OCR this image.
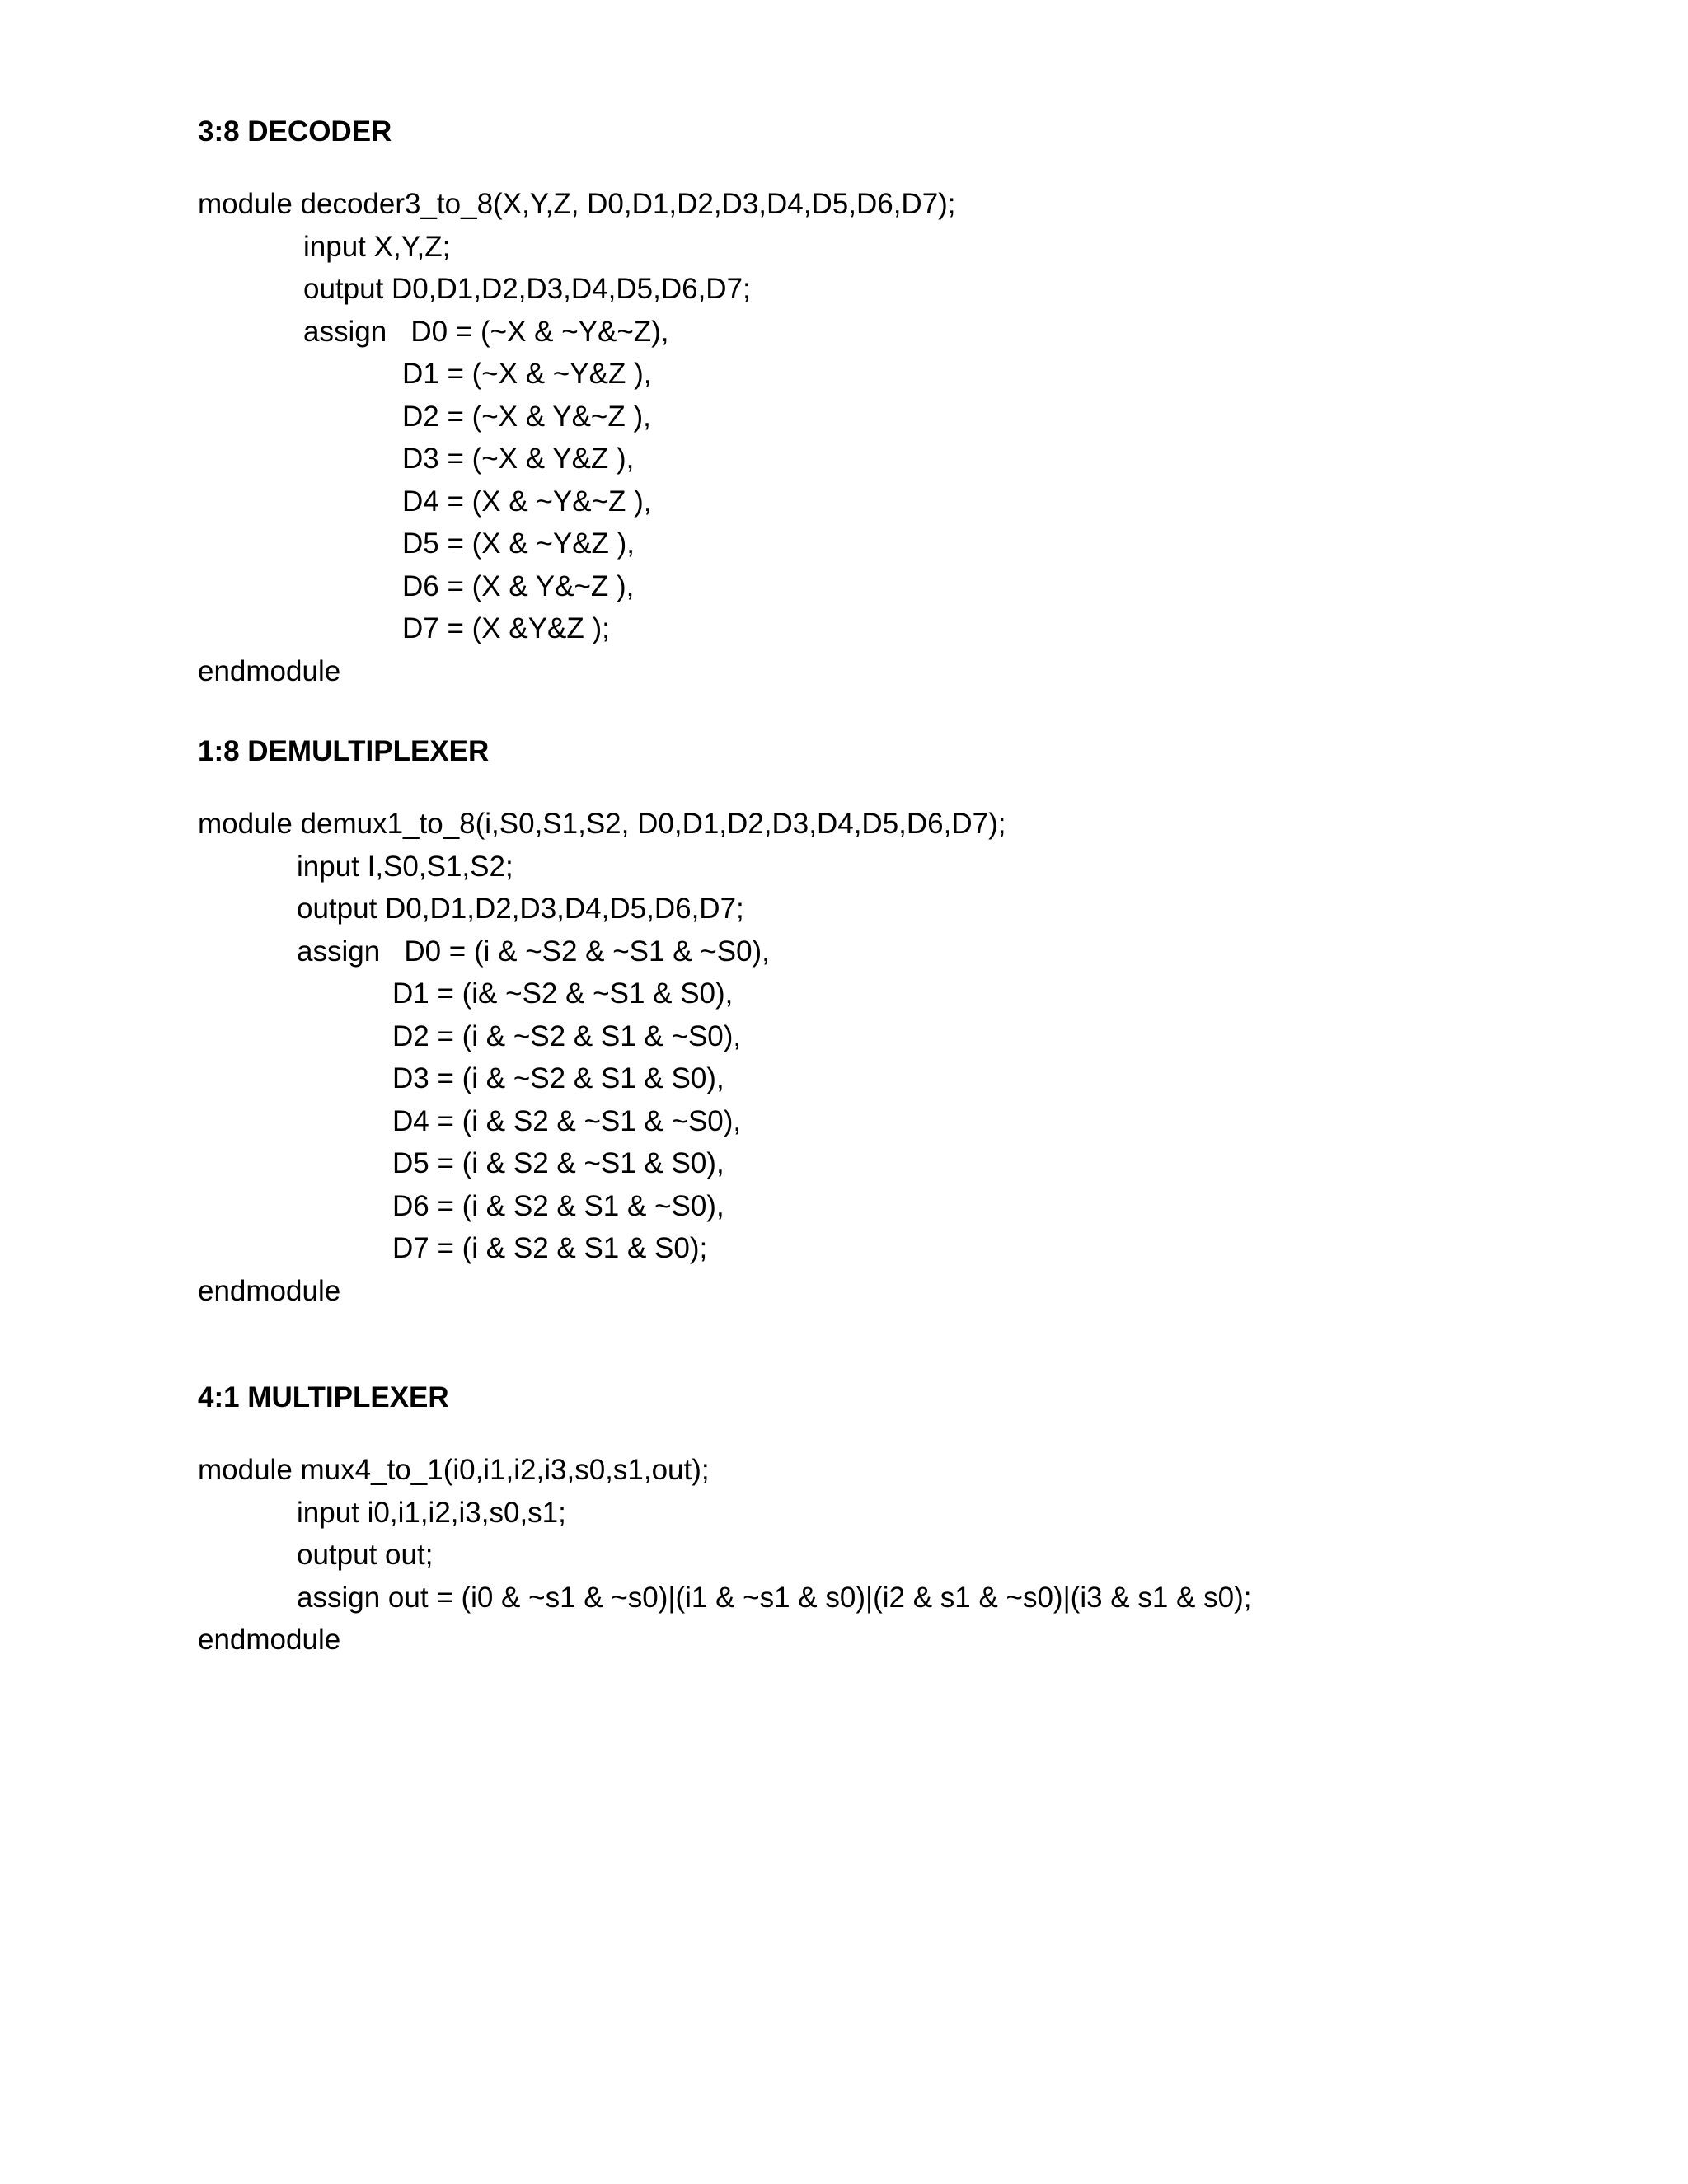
3:8 DECODER
module decoder3_to_8(X,Y,Z, D0,D1,D2,D3,D4,D5,D6,D7);
input X,Y,Z;
output D0,D1,D2,D3,D4,D5,D6,D7;
assign   D0 = (~X & ~Y&~Z),
D1 = (~X & ~Y&Z ),
D2 = (~X & Y&~Z ),
D3 = (~X & Y&Z ),
D4 = (X & ~Y&~Z ),
D5 = (X & ~Y&Z ),
D6 = (X & Y&~Z ),
D7 = (X &Y&Z );
endmodule
1:8 DEMULTIPLEXER
module demux1_to_8(i,S0,S1,S2, D0,D1,D2,D3,D4,D5,D6,D7);
input I,S0,S1,S2;
output D0,D1,D2,D3,D4,D5,D6,D7;
assign   D0 = (i & ~S2 & ~S1 & ~S0),
D1 = (i& ~S2 & ~S1 & S0),
D2 = (i & ~S2 & S1 & ~S0),
D3 = (i & ~S2 & S1 & S0),
D4 = (i & S2 & ~S1 & ~S0),
D5 = (i & S2 & ~S1 & S0),
D6 = (i & S2 & S1 & ~S0),
D7 = (i & S2 & S1 & S0);
endmodule
4:1 MULTIPLEXER
module mux4_to_1(i0,i1,i2,i3,s0,s1,out);
input i0,i1,i2,i3,s0,s1;
output out;
assign out = (i0 & ~s1 & ~s0)|(i1 & ~s1 & s0)|(i2 & s1 & ~s0)|(i3 & s1 & s0);
endmodule
